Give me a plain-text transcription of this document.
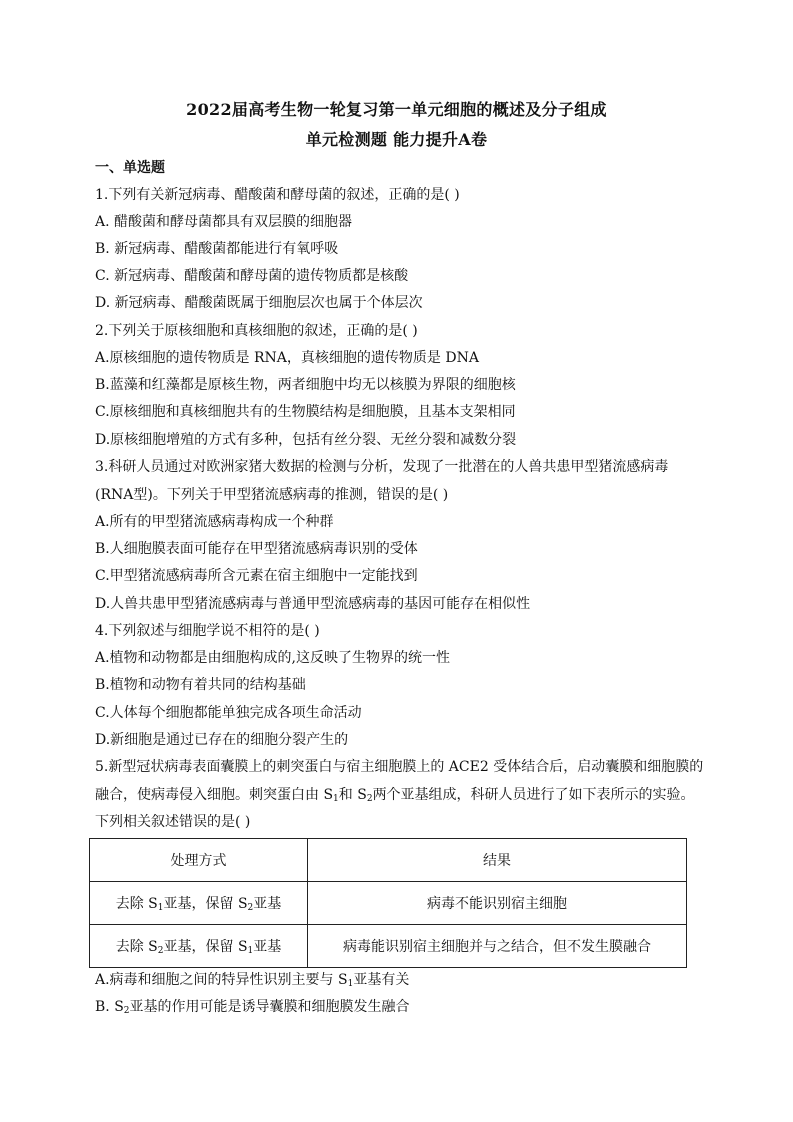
2022届高考生物一轮复习第一单元细胞的概述及分子组成
单元检测题 能力提升A卷
一、单选题
1.下列有关新冠病毒、醋酸菌和酵母菌的叙述，正确的是( )
A. 醋酸菌和酵母菌都具有双层膜的细胞器
B. 新冠病毒、醋酸菌都能进行有氧呼吸
C. 新冠病毒、醋酸菌和酵母菌的遗传物质都是核酸
D. 新冠病毒、醋酸菌既属于细胞层次也属于个体层次
2.下列关于原核细胞和真核细胞的叙述，正确的是( )
A.原核细胞的遗传物质是 RNA，真核细胞的遗传物质是 DNA
B.蓝藻和红藻都是原核生物，两者细胞中均无以核膜为界限的细胞核
C.原核细胞和真核细胞共有的生物膜结构是细胞膜，且基本支架相同
D.原核细胞增殖的方式有多种，包括有丝分裂、无丝分裂和减数分裂
3.科研人员通过对欧洲家猪大数据的检测与分析，发现了一批潜在的人兽共患甲型猪流感病毒
(RNA型)。下列关于甲型猪流感病毒的推测，错误的是( )
A.所有的甲型猪流感病毒构成一个种群
B.人细胞膜表面可能存在甲型猪流感病毒识别的受体
C.甲型猪流感病毒所含元素在宿主细胞中一定能找到
D.人兽共患甲型猪流感病毒与普通甲型流感病毒的基因可能存在相似性
4.下列叙述与细胞学说不相符的是( )
A.植物和动物都是由细胞构成的,这反映了生物界的统一性
B.植物和动物有着共同的结构基础
C.人体每个细胞都能单独完成各项生命活动
D.新细胞是通过已存在的细胞分裂产生的
5.新型冠状病毒表面囊膜上的刺突蛋白与宿主细胞膜上的 ACE2 受体结合后，启动囊膜和细胞膜的
融合，使病毒侵入细胞。刺突蛋白由 $S_1$和 $S_2$两个亚基组成，科研人员进行了如下表所示的实验。
下列相关叙述错误的是( )
处理方式	结果
去除 $S_1$亚基，保留 $S_2$亚基	病毒不能识别宿主细胞
去除 $S_2$亚基，保留 $S_1$亚基	病毒能识别宿主细胞并与之结合，但不发生膜融合
A.病毒和细胞之间的特异性识别主要与 $S_1$亚基有关
B. $S_2$亚基的作用可能是诱导囊膜和细胞膜发生融合
